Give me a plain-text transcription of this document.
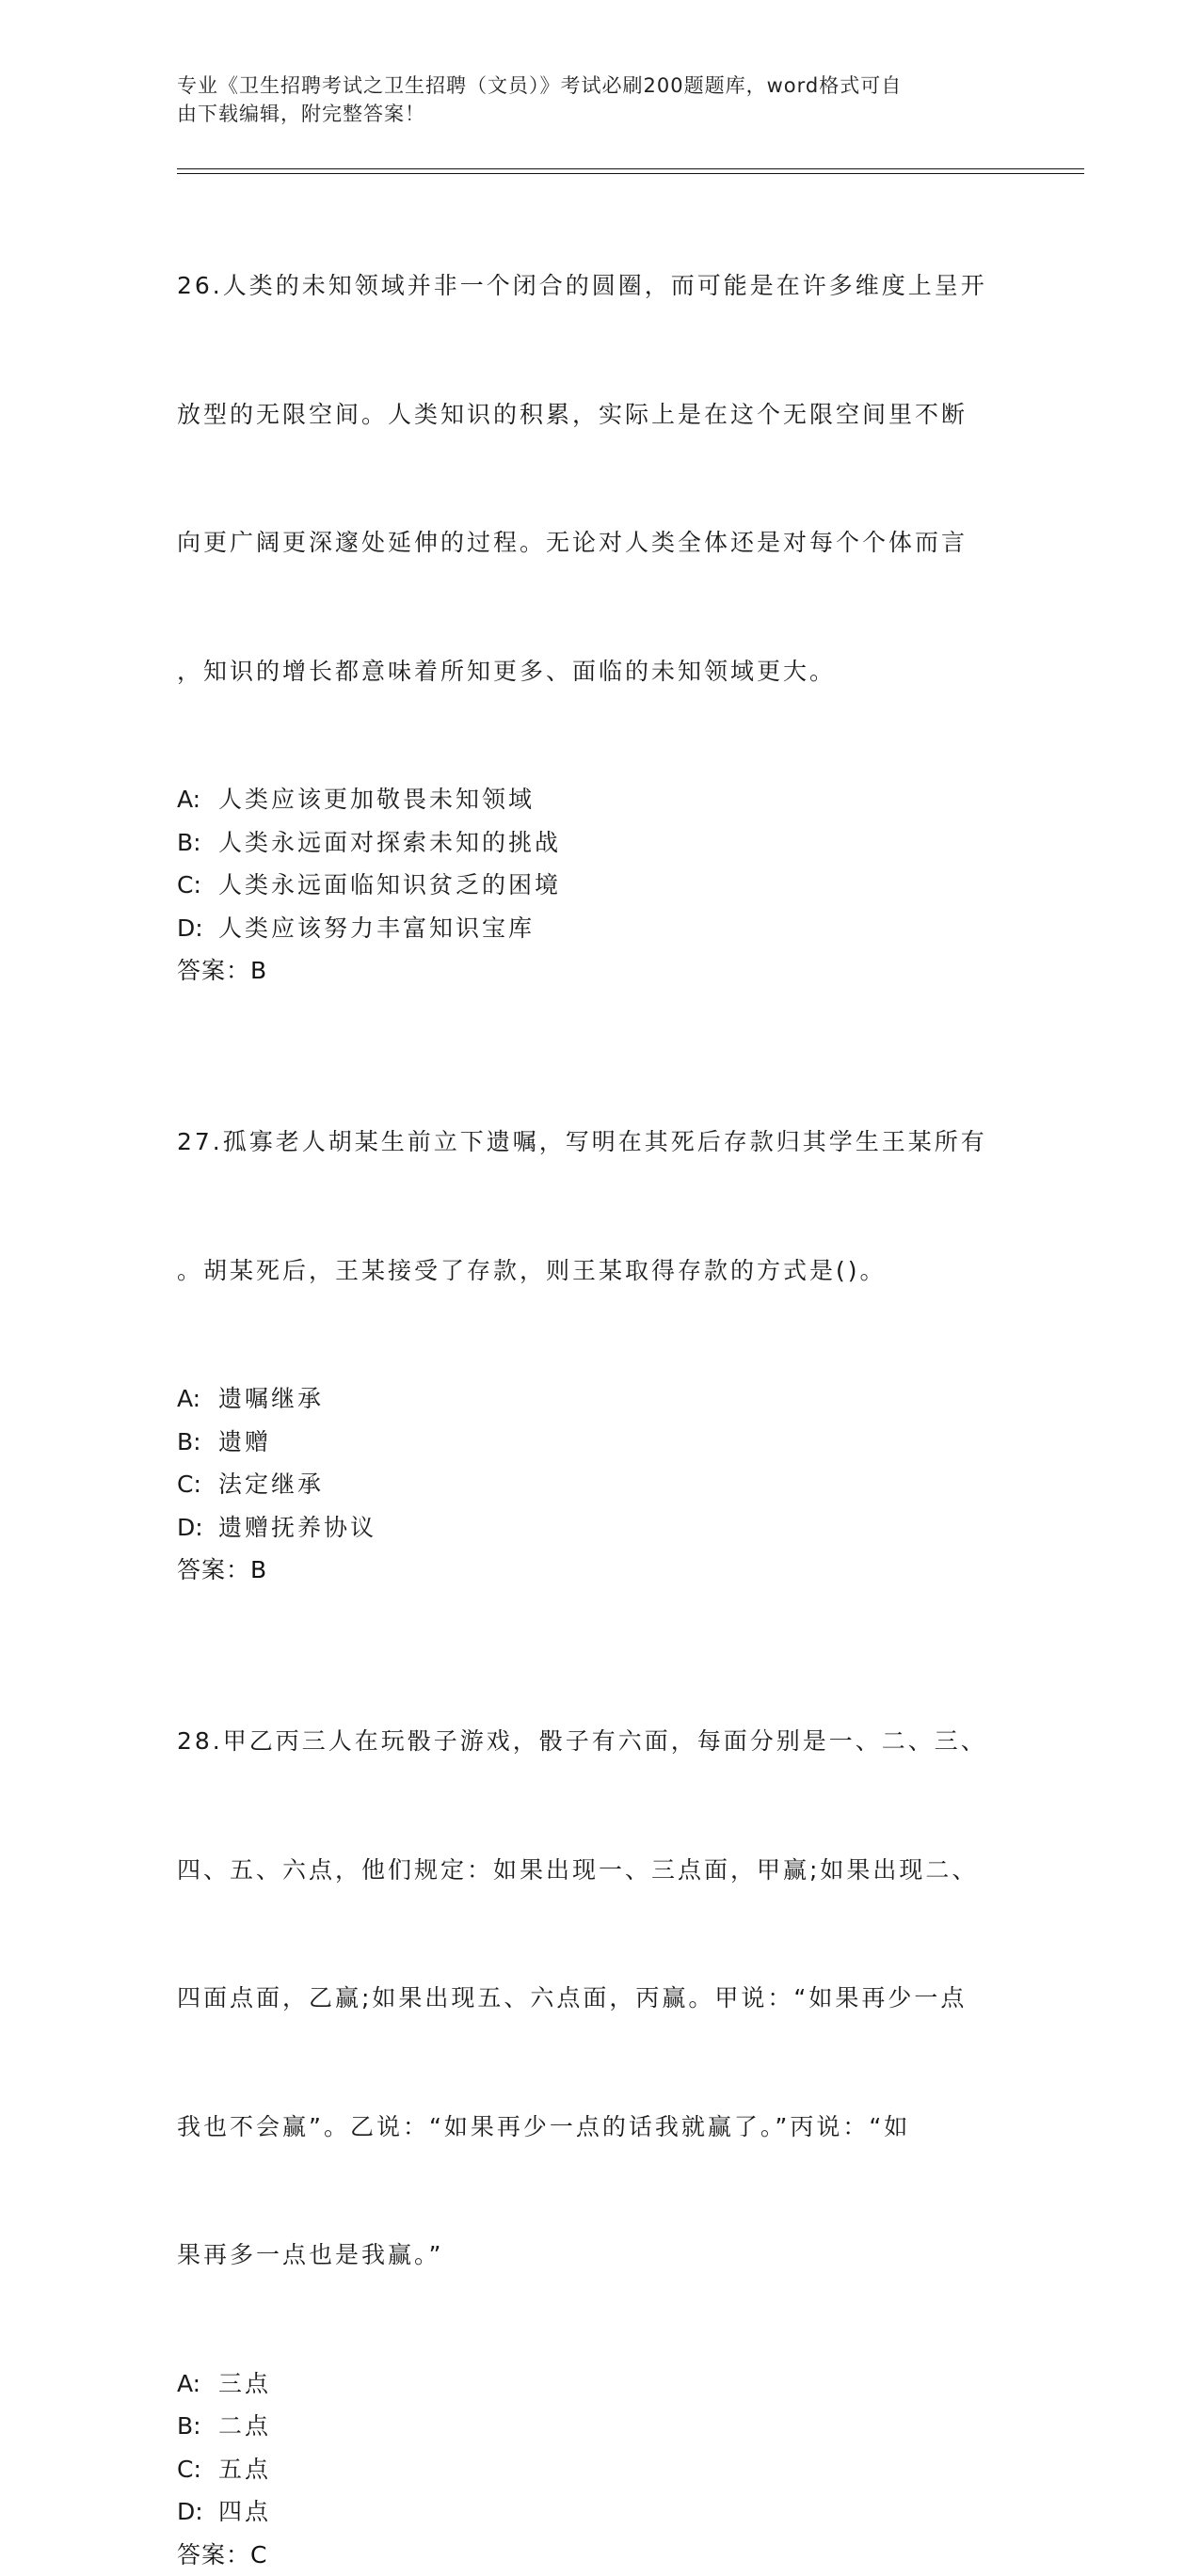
专业《卫生招聘考试之卫生招聘（文员）》考试必刷200题题库，word格式可自
由下载编辑，附完整答案！

26.人类的未知领域并非一个闭合的圆圈，而可能是在许多维度上呈开

放型的无限空间。人类知识的积累，实际上是在这个无限空间里不断

向更广阔更深邃处延伸的过程。无论对人类全体还是对每个个体而言

，知识的增长都意味着所知更多、面临的未知领域更大。

A: 人类应该更加敬畏未知领域
B: 人类永远面对探索未知的挑战
C: 人类永远面临知识贫乏的困境
D: 人类应该努力丰富知识宝库
答案：B

27.孤寡老人胡某生前立下遗嘱，写明在其死后存款归其学生王某所有

。胡某死后，王某接受了存款，则王某取得存款的方式是()。

A: 遗嘱继承
B: 遗赠
C: 法定继承
D: 遗赠抚养协议
答案：B

28.甲乙丙三人在玩骰子游戏，骰子有六面，每面分别是一、二、三、

四、五、六点，他们规定：如果出现一、三点面，甲赢;如果出现二、

四面点面，乙赢;如果出现五、六点面，丙赢。甲说：“如果再少一点

我也不会赢”。乙说：“如果再少一点的话我就赢了。”丙说：“如

果再多一点也是我赢。”

A: 三点
B: 二点
C: 五点
D: 四点
答案：C
